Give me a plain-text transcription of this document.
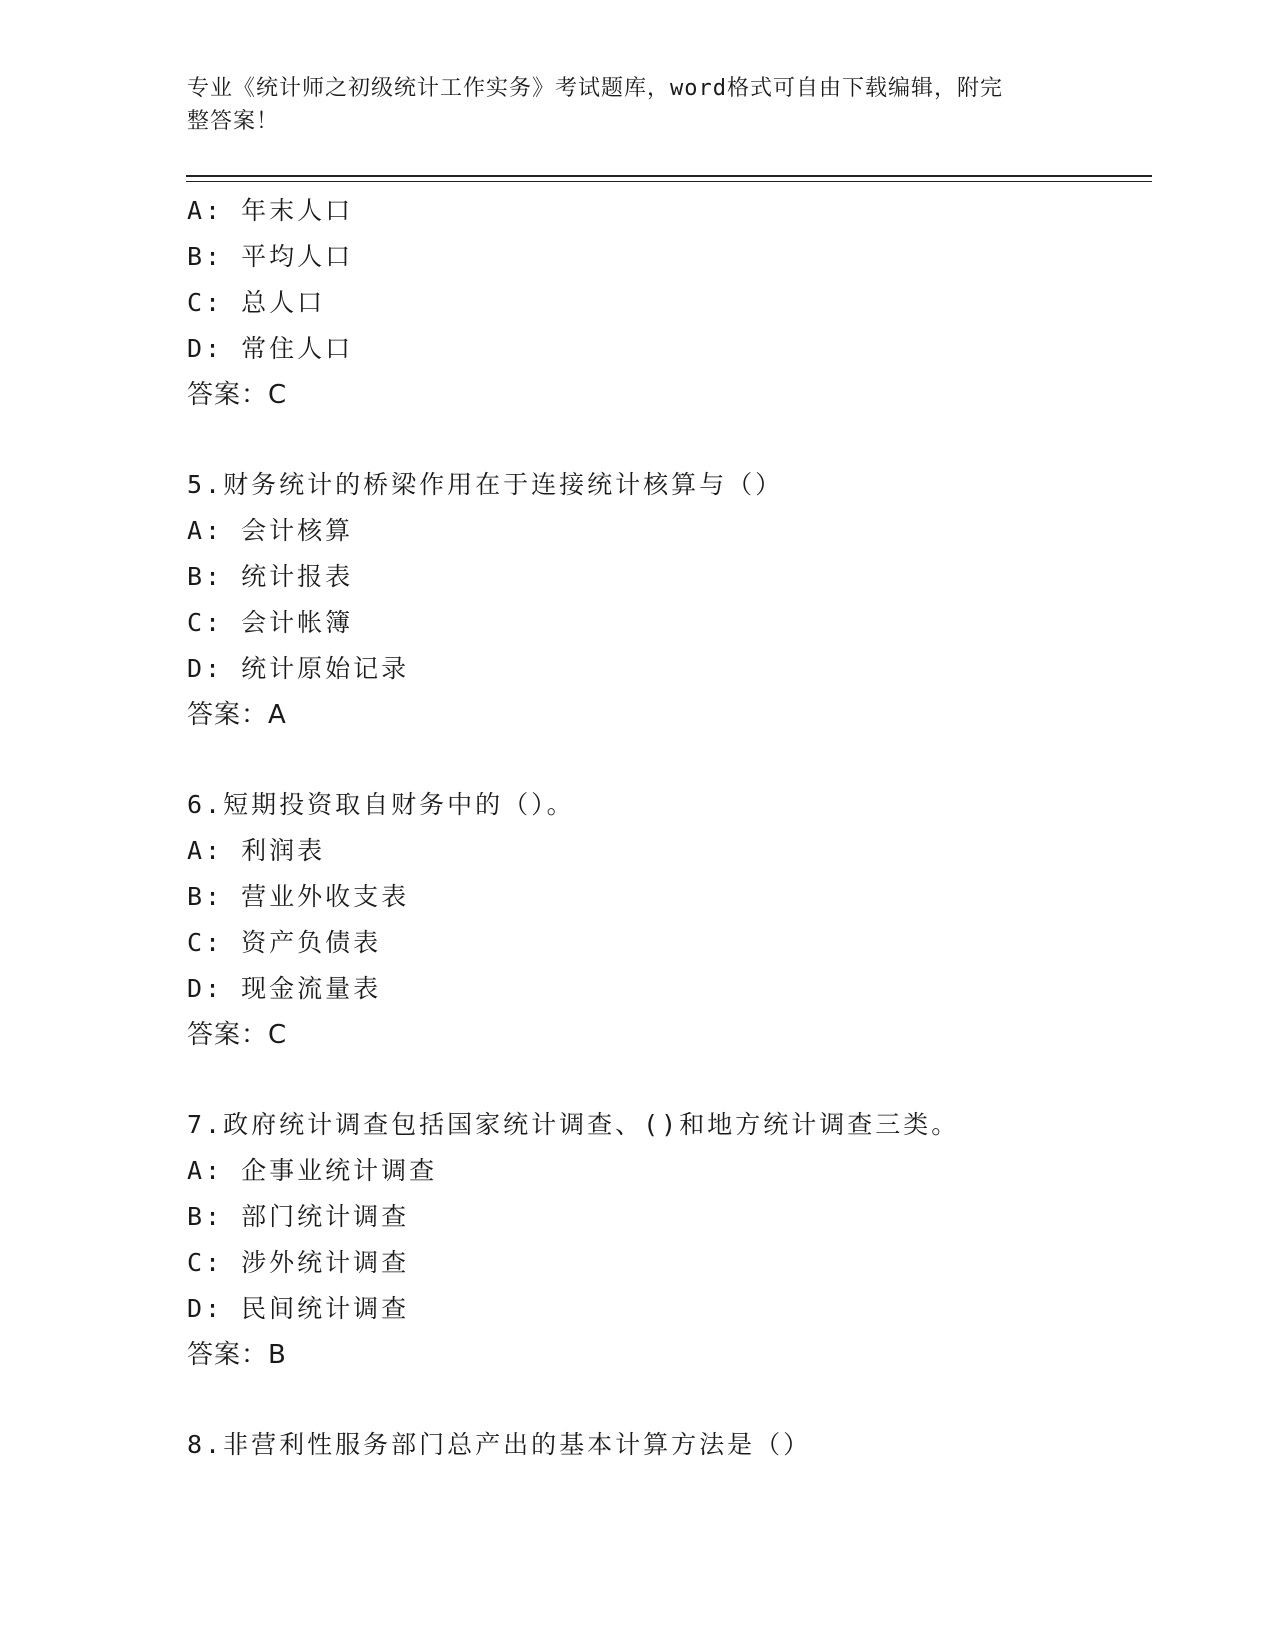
专业《统计师之初级统计工作实务》考试题库，word格式可自由下载编辑，附完
整答案！
A: 年末人口
B: 平均人口
C: 总人口
D: 常住人口
答案：C
5.财务统计的桥梁作用在于连接统计核算与（）
A: 会计核算
B: 统计报表
C: 会计帐簿
D: 统计原始记录
答案：A
6.短期投资取自财务中的（）。
A: 利润表
B: 营业外收支表
C: 资产负债表
D: 现金流量表
答案：C
7.政府统计调查包括国家统计调查、()和地方统计调查三类。
A: 企事业统计调查
B: 部门统计调查
C: 涉外统计调查
D: 民间统计调查
答案：B
8.非营利性服务部门总产出的基本计算方法是（）
